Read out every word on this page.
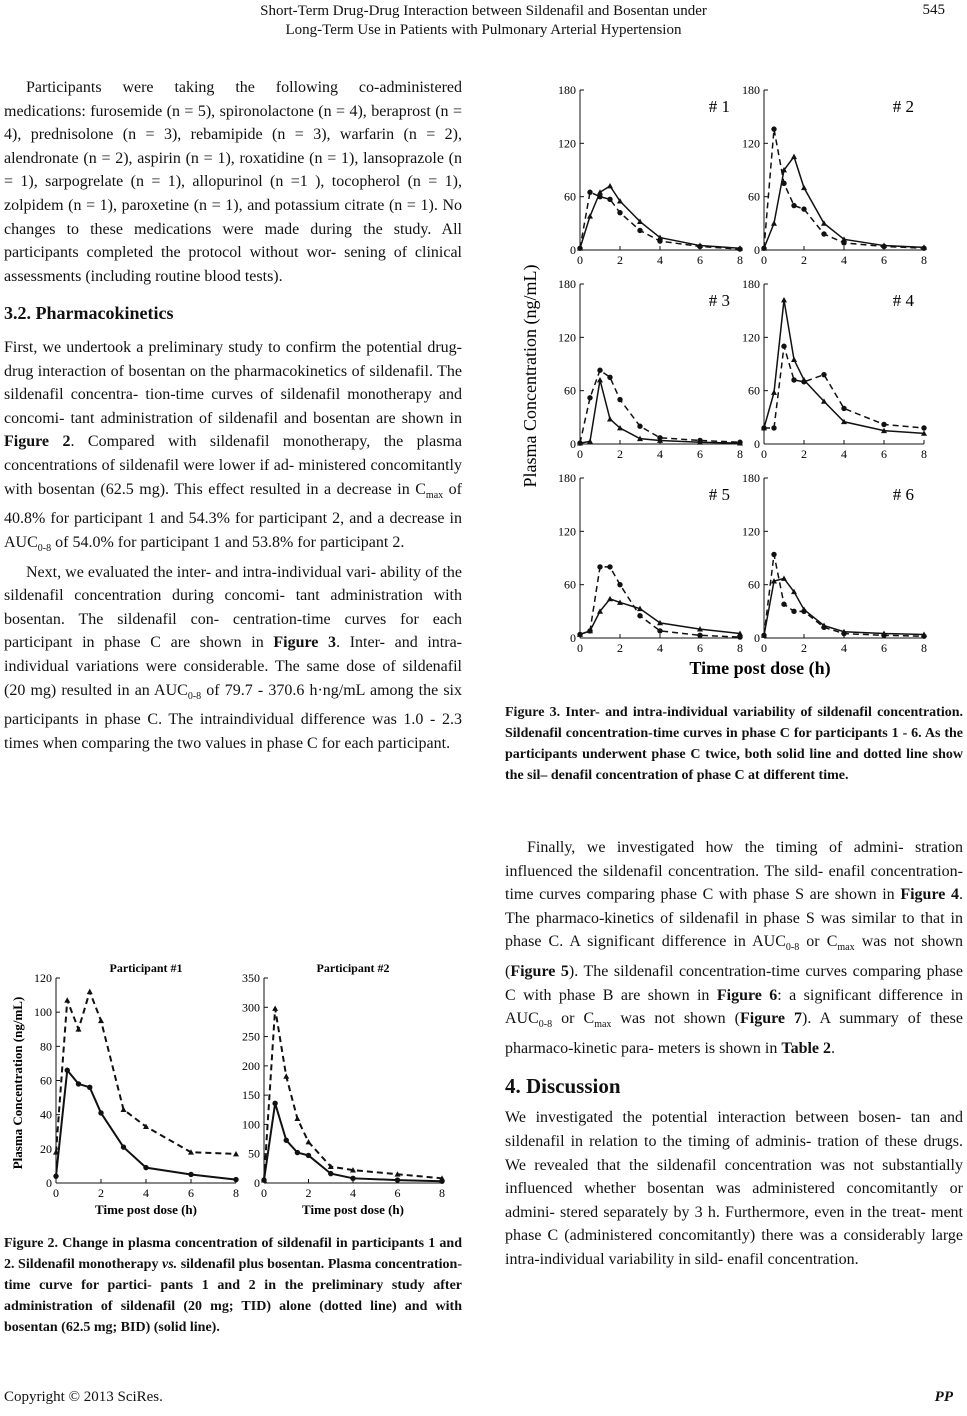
Short-Term Drug-Drug Interaction between Sildenafil and Bosentan under
Long-Term Use in Patients with Pulmonary Arterial Hypertension
545

Participants were taking the following co-administered medications: furosemide (n = 5), spironolactone (n = 4), beraprost (n = 4), prednisolone (n = 3), rebamipide (n = 3), warfarin (n = 2), alendronate (n = 2), aspirin (n = 1), roxatidine (n = 1), lansoprazole (n = 1), sarpogrelate (n = 1), allopurinol (n =1 ), tocopherol (n = 1), zolpidem (n = 1), paroxetine (n = 1), and potassium citrate (n = 1). No changes to these medications were made during the study. All participants completed the protocol without wor- sening of clinical assessments (including routine blood tests).

3.2. Pharmacokinetics

First, we undertook a preliminary study to confirm the potential drug-drug interaction of bosentan on the pharmacokinetics of sildenafil. The sildenafil concentra- tion-time curves of sildenafil monotherapy and concomi- tant administration of sildenafil and bosentan are shown in Figure 2. Compared with sildenafil monotherapy, the plasma concentrations of sildenafil were lower if ad- ministered concomitantly with bosentan (62.5 mg). This effect resulted in a decrease in $C_{max}$ of 40.8% for participant 1 and 54.3% for participant 2, and a decrease in $AUC_{0-8}$ of 54.0% for participant 1 and 53.8% for participant 2.

Next, we evaluated the inter- and intra-individual vari- ability of the sildenafil concentration during concomi- tant administration with bosentan. The sildenafil con- centration-time curves for each participant in phase C are shown in Figure 3. Inter- and intra-individual variations were considerable. The same dose of sildenafil (20 mg) resulted in an $AUC_{0-8}$ of 79.7 - 370.6 h·ng/mL among the six participants in phase C. The intraindividual difference was 1.0 - 2.3 times when comparing the two values in phase C for each participant.

0
20
40
60
80
100
120
0	2	4	6	8
Participant #1
0
50
100
150
200
250
300
350
0	2	4	6	8
Participant #2
Plasma Concentration (ng/mL)
Time post dose (h)	Time post dose (h)
Figure 2. Change in plasma concentration of sildenafil in participants 1 and 2. Sildenafil monotherapy vs. sildenafil plus bosentan. Plasma concentration-time curve for partici- pants 1 and 2 in the preliminary study after administration of sildenafil (20 mg; TID) alone (dotted line) and with bosentan (62.5 mg; BID) (solid line).
0
60
120
180
0	2	4	6	8
# 1
0
60
120
180
0	2	4	6	8
# 2
0
60
120
180
0	2	4	6	8
# 3
0
60
120
180
0	2	4	6	8
# 4
0
60
120
180
0	2	4	6	8
# 5
0
60
120
180
0	2	4	6	8
# 6
Plasma Concentration (ng/mL)
Time post dose (h)
Figure 3. Inter- and intra-individual variability of sildenafil concentration. Sildenafil concentration-time curves in phase C for participants 1 - 6. As the participants underwent phase C twice, both solid line and dotted line show the sil– denafil concentration of phase C at different time.

Finally, we investigated how the timing of admini- stration influenced the sildenafil concentration. The sild- enafil concentration-time curves comparing phase C with phase S are shown in Figure 4. The pharmaco-kinetics of sildenafil in phase S was similar to that in phase C. A significant difference in $AUC_{0-8}$ or $C_{max}$ was not shown (Figure 5). The sildenafil concentration-time curves comparing phase C with phase B are shown in Figure 6: a significant difference in $AUC_{0-8}$ or $C_{max}$ was not shown (Figure 7). A summary of these pharmaco-kinetic para- meters is shown in Table 2.

4. Discussion

We investigated the potential interaction between bosen- tan and sildenafil in relation to the timing of adminis- tration of these drugs. We revealed that the sildenafil concentration was not substantially influenced whether bosentan was administered concomitantly or admini- stered separately by 3 h. Furthermore, even in the treat- ment phase C (administered concomitantly) there was a considerably large intra-individual variability in sild- enafil concentration.

Copyright © 2013 SciRes.	PP
